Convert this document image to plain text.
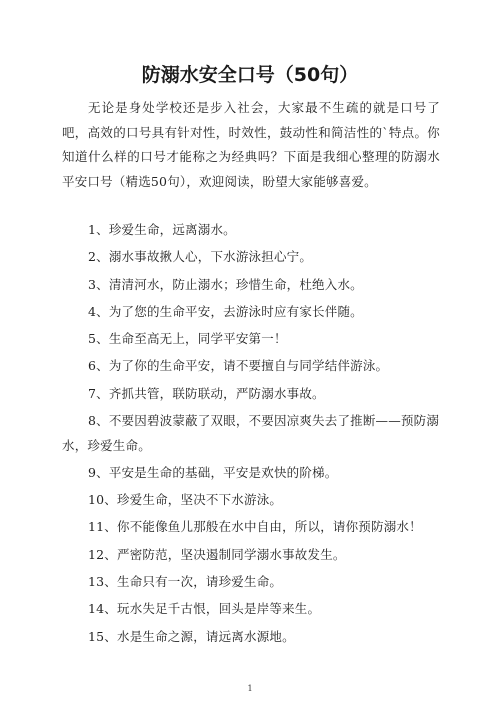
防溺水安全口号（50句）

无论是身处学校还是步入社会，大家最不生疏的就是口号了吧，高效的口号具有针对性，时效性，鼓动性和简洁性的`特点。你知道什么样的口号才能称之为经典吗？下面是我细心整理的防溺水平安口号（精选50句），欢迎阅读，盼望大家能够喜爱。

1、珍爱生命，远离溺水。
2、溺水事故揪人心，下水游泳担心宁。
3、清清河水，防止溺水；珍惜生命，杜绝入水。
4、为了您的生命平安，去游泳时应有家长伴随。
5、生命至高无上，同学平安第一！
6、为了你的生命平安，请不要擅自与同学结伴游泳。
7、齐抓共管，联防联动，严防溺水事故。
8、不要因碧波蒙蔽了双眼，不要因凉爽失去了推断——预防溺水，珍爱生命。
9、平安是生命的基础，平安是欢快的阶梯。
10、珍爱生命，坚决不下水游泳。
11、你不能像鱼儿那般在水中自由，所以，请你预防溺水！
12、严密防范，坚决遏制同学溺水事故发生。
13、生命只有一次，请珍爱生命。
14、玩水失足千古恨，回头是岸等来生。
15、水是生命之源，请远离水源地。
1
